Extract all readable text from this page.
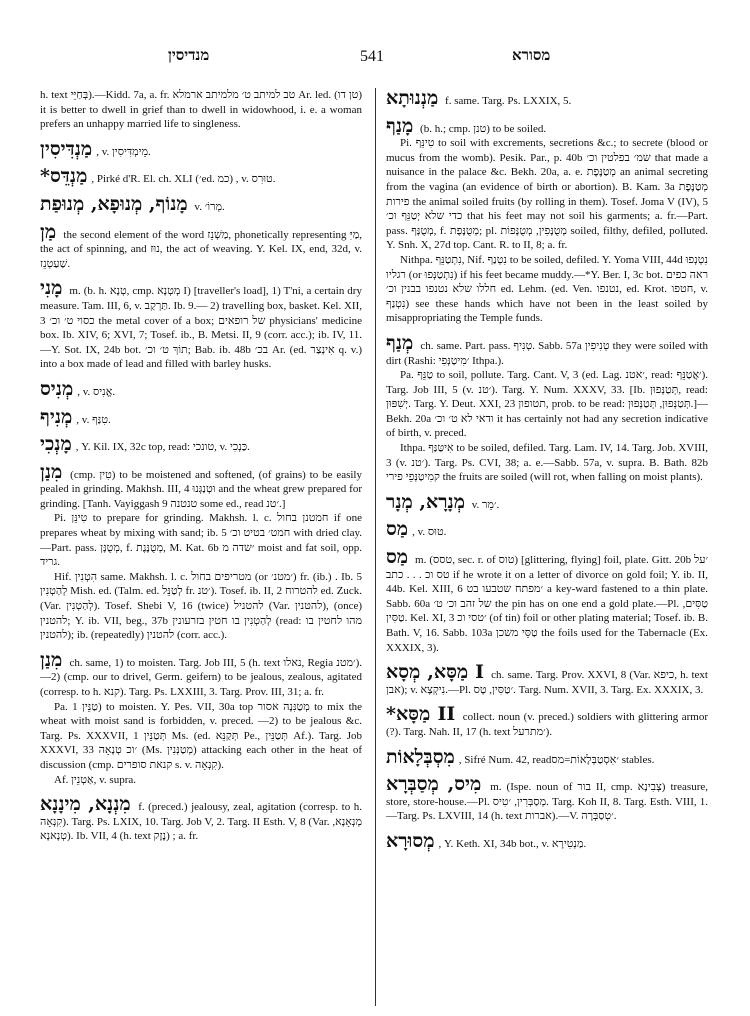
מנדיסין	541	מסורא
h. text בְּחַיֵּי).—Kidd. 7a, a. fr. טב למיתב ט׳ מלמיתב ארמלא Ar. led. (טן דו) it is better to dwell in grief than to dwell in widowhood, i. e. a woman prefers an unhappy married life to singleness.
מַנְדִּיסִין , v. מֵימְדִּיסִין.
*מַנְדֵּס , Pirké d'R. El. ch. XLI (׳ed. כמ) , v. טוּרִס.
מָנוֹף, מְנוּפָא, מְנוּפַת v. מְרוֹ׳.
מַן the second element of the word מַשְׁנֵז, phonetically representing מַיִּ, the act of spinning, and נוּז, the act of weaving. Y. Kel. IX, end, 32d, v. שַׁעַטְנֵז.
מָנִי m. (b. h. טְנָא, cmp. מְטְנָא I) [traveller's load], 1) T'ni, a certain dry measure. Tam. III, 6, v. תַּרְקַב. Ib. 9.— 2) travelling box, basket. Kel. XII, 3 כסוי ט׳ וכ׳ the metal cover of a box; של רופאים physicians' medicine box. Ib. XIV, 6; XVI, 7; Tosef. ib., B. Metsi. II, 9 (corr. acc.); ib. IV, 11.—Y. Sot. IX, 24b bot. תוֹךְ ט׳ וכ׳; Bab. ib. 48b בכ׳ Ar. (ed. אִינְצַר q. v.) into a box made of lead and filled with barley husks.
מְנִיס , v. אֱנִיס.
מְנִיף , v. טִנַּף.
מָנְכִי , Y. Kil. IX, 32c top, read: טונכי, v. כַּנְכִי.
מִנַן (cmp. טִין) to be moistened and softened, (of grains) to be easily pealed in grinding. Makhsh. III, 4 וּטְנַגְּנוּ and the wheat grew prepared for grinding. [Tanh. Vayiggash 9 טנטנה some ed., read ׳טנ.]
Pi. טִינֵּן to prepare for grinding. Makhsh. l. c. חמטנן בחול if one prepares wheat by mixing with sand; ib. 5 חמט׳ בטיט וכ׳ with dried clay.—Part. pass. מְטֻנָּן, f. מְטֻנֶּנֶת, M. Kat. 6b ׳שדה מ moist and fat soil, opp. גריד.
Hif. הִטְנִין same. Makhsh. l. c. מטריפים בחול (or ׳מטנ׳) fr. (ib.) . Ib. 5 לְהַטְנִין Mish. ed. (Talm. ed. לְטַנֵּל fr. ׳טנ). Tosef. ib. II, 2 להטרוח ed. Zuck. (Var. לְהַטְנִין). Tosef. Shebi V, 16 (twice) להטניל (Var. להטנין), (once) להטנין; Y. ib. VII, beg., 37b לְהַטְנִין בו חטין בזרעונין (read: מהו לחטין בו להטנין); ib. (repeatedly) להטנין (corr. acc.).
מִנַן ch. same, 1) to moisten. Targ. Job III, 5 (h. text נאלו, Regia ׳מטנ).—2) (cmp. our to drivel, Germ. geifern) to be jealous, zealous, agitated (corresp. to h. קנא). Targ. Ps. LXXIII, 3. Targ. Prov. III, 31; a. fr.
Pa. טַנֵּין 1) to moisten. Y. Pes. VII, 30a top מְטַנִּנָה אסור to mix the wheat with moist sand is forbidden, v. preced. —2) to be jealous &c. Targ. Ps. XXXVII, 1 תְּטַנֵּין Ms. (ed. תְּקַנֵּא Pe., תְּטַנֵּין Af.). Targ. Job XXXVI, 33 ׳וכ טְנָאָה (Ms. מְטַנְּנִין) attacking each other in the heat of discussion (cmp. קנאת סופרים s. v. קִנְאָה).
Af. אַטְנֵין, v. supra.
מִנְנָא, מִינָנָא f. (preced.) jealousy, zeal, agitation (corresp. to h. קִנְאָה). Targ. Ps. LXIX, 10. Targ. Job V, 2. Targ. II Esth. V, 8 (Var. מְנְאָנָא, טְנָאנָא). Ib. VII, 4 (h. text נֶזֶק) ; a. fr.
מַנְנוּתָא f. same. Targ. Ps. LXXIX, 5.
מָנַף (b. h.; cmp. טנן) to be soiled.
Pi. טִינֵּף to soil with excrements, secretions &c.; to secrete (blood or mucus from the womb). Pesik. Par., p. 40b שמ׳ בפלטין וכ׳ that made a nuisance in the palace &c. Bekh. 20a, a. e. מְטַנֶּפֶת an animal secreting from the vagina (an evidence of birth or abortion). B. Kam. 3a מְטַנֶּפֶת פירות the animal soiled fruits (by rolling in them). Tosef. Joma V (IV), 5 כדי שלא יְטַנֵּף וכ׳ that his feet may not soil his garments; a. fr.—Part. pass. מְטֻנָּף, f. מְטֻנֶּפֶת; pl. מְטֻנָּפִין, מְטֻנָּפוֹת soiled, filthy, defiled, polluted. Y. Snh. X, 27d top. Cant. R. to II, 8; a. fr.
Nithpa. נִתְטַנֵּף, Nif. נִטְנַף to be soiled, defiled. Y. Yoma VIII, 44d נִטְנְפוּ רגליו (or נִתְטַנְּפוּ) if his feet became muddy.—*Y. Ber. I, 3c bot. ראה כפים חללו שלא נטנפו בבנין וכ׳ ed. Lehm. (ed. Ven. נטנפו, ed. Krot. חטפו, v. נִטְנַף) see these hands which have not been in the least soiled by misappropriating the Temple funds.
מְנַף ch. same. Part. pass. טְנִיף. Sabb. 57a טְנִיפִין they were soiled with dirt (Rashi: ׳מִיטַנְּפִי Ithpa.).
Pa. טַנֵּף to soil, pollute. Targ. Cant. V, 3 (ed. Lag. ׳אטנ, read: ׳אֲטַנֵּף). Targ. Job III, 5 (v. ׳טנ). Targ. Y. Num. XXXV, 33. [Ib. תְּטַנְּפוּן, read: יְשִׁפּוּן. Targ. Y. Deut. XXI, 23 תטופון, prob. to be read: תְּטַנְּפוּן, תְּטַנְּפוּן.]—Bekh. 20a ודאי לא ט׳ וכ׳ it has certainly not had any secretion indicative of birth, v. preced.
Ithpa. אִיטַּנַּף to be soiled, defiled. Targ. Lam. IV, 14. Targ. Job. XVIII, 3 (v. ׳טנ). Targ. Ps. CVI, 38; a. e.—Sabb. 57a, v. supra. B. Bath. 82b קמִיטַנְּפֵי פירי the fruits are soiled (will rot, when falling on moist plants).
מְנָרָא, מְנָר v. ׳מֵר.
מַס , v. טוּס.
מַס m. (טסס, sec. r. of טוס) [glittering, flying] foil, plate. Gitt. 20b ׳על טס וכ . . . כתב if he wrote it on a letter of divorce on gold foil; Y. ib. II, 44b. Kel. XIII, 6 ׳מפתח שטבעו בט a key-ward fastened to a thin plate. Sabb. 60a של זהב וכ׳ ט׳ the pin has on one end a gold plate.—Pl. טַסִּים, טַסִּין. Kel. XI, 3 ׳טסי וכ (of tin) foil or other plating material; Tosef. ib. B. Bath. V, 16. Sabb. 103a טַסֵּי משכן the foils used for the Tabernacle (Ex. XXXIX, 3).
מַסָּא, מְסָא I ch. same. Targ. Prov. XXVI, 8 (Var. כיפא, h. text אבן); v. נִיקְצָא.—Pl. ׳טַסִּין, טָס. Targ. Num. XVII, 3. Targ. Ex. XXXIX, 3.
*מַסָּא II collect. noun (v. preced.) soldiers with glittering armor (?). Targ. Nah. II, 17 (h. text ׳מתרעל).
מִסְבְּלָאוֹת , Sifré Num. 42, read׳אִסְטַבְּלָאוֹת=מס stables.
מִיס, מְסַבְּרָא m. (Ispe. noun of בור II, cmp. צְבִינָא) treasure, store, store-house.—Pl. מְסַבְּרִין, ׳טִיס. Targ. Koh II, 8. Targ. Esth. VIII, 1.—Targ. Ps. LXVIII, 14 (h. text אברות).—V. ׳טְסַבְּרָה.
מְסוּרָא , Y. Keth. XI, 34b bot., v. מַנְטִירָא.
